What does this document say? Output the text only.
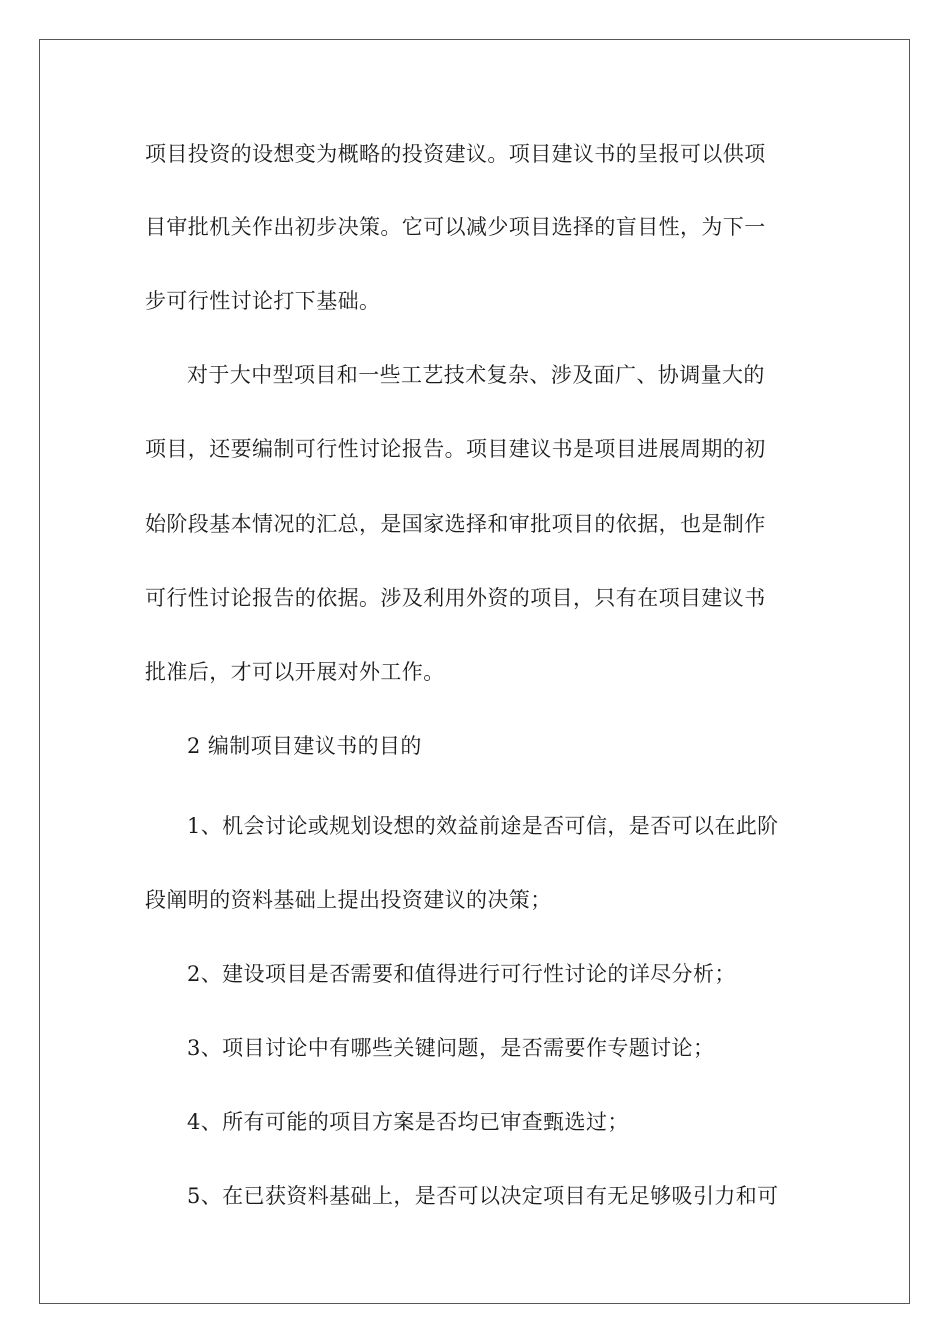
项目投资的设想变为概略的投资建议。项目建议书的呈报可以供项
目审批机关作出初步决策。它可以减少项目选择的盲目性，为下一
步可行性讨论打下基础。
对于大中型项目和一些工艺技术复杂、涉及面广、协调量大的
项目，还要编制可行性讨论报告。项目建议书是项目进展周期的初
始阶段基本情况的汇总，是国家选择和审批项目的依据，也是制作
可行性讨论报告的依据。涉及利用外资的项目，只有在项目建议书
批准后，才可以开展对外工作。
2 编制项目建议书的目的
1、机会讨论或规划设想的效益前途是否可信，是否可以在此阶
段阐明的资料基础上提出投资建议的决策；
2、建设项目是否需要和值得进行可行性讨论的详尽分析；
3、项目讨论中有哪些关键问题，是否需要作专题讨论；
4、所有可能的项目方案是否均已审查甄选过；
5、在已获资料基础上，是否可以决定项目有无足够吸引力和可
